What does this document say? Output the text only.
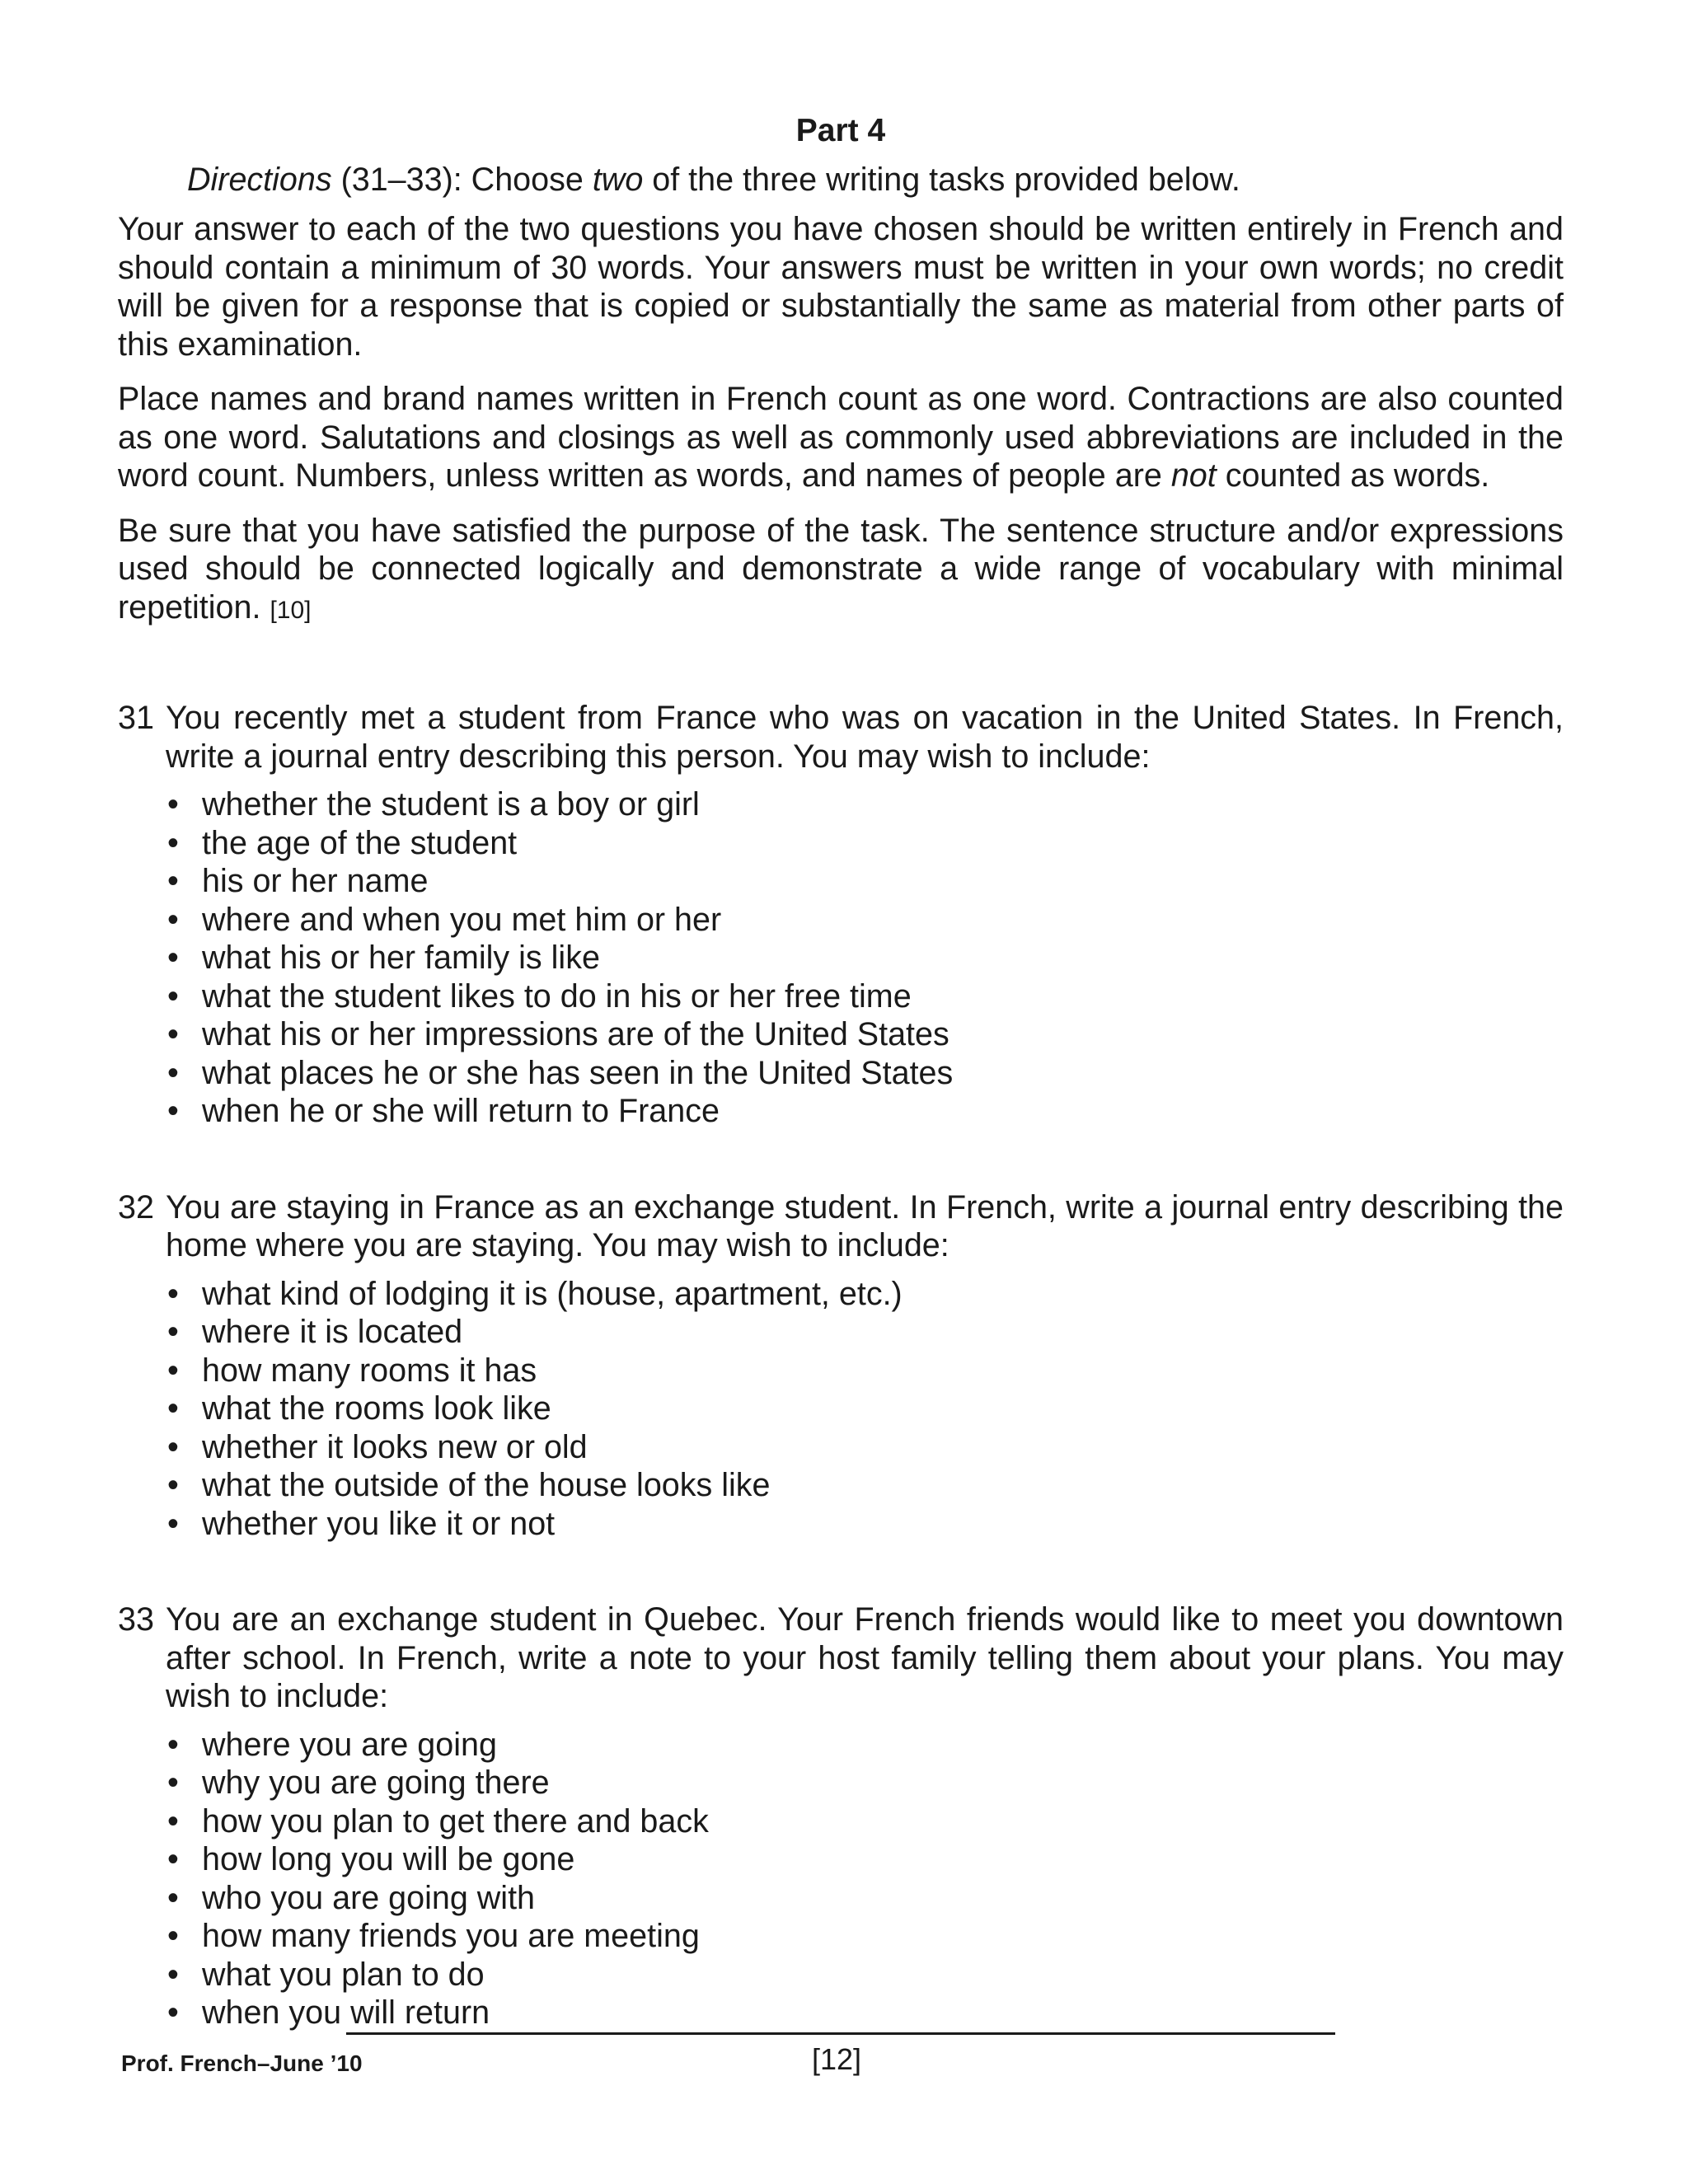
Part 4
Directions (31–33): Choose two of the three writing tasks provided below.

Your answer to each of the two questions you have chosen should be written entirely in French and should contain a minimum of 30 words. Your answers must be written in your own words; no credit will be given for a response that is copied or substantially the same as material from other parts of this examination.

Place names and brand names written in French count as one word. Contractions are also counted as one word. Salutations and closings as well as commonly used abbreviations are included in the word count. Numbers, unless written as words, and names of people are not counted as words.

Be sure that you have satisfied the purpose of the task. The sentence structure and/or expressions used should be connected logically and demonstrate a wide range of vocabulary with minimal repetition. [10]

31 You recently met a student from France who was on vacation in the United States. In French, write a journal entry describing this person. You may wish to include:
• whether the student is a boy or girl
• the age of the student
• his or her name
• where and when you met him or her
• what his or her family is like
• what the student likes to do in his or her free time
• what his or her impressions are of the United States
• what places he or she has seen in the United States
• when he or she will return to France
32 You are staying in France as an exchange student. In French, write a journal entry describing the home where you are staying. You may wish to include:
• what kind of lodging it is (house, apartment, etc.)
• where it is located
• how many rooms it has
• what the rooms look like
• whether it looks new or old
• what the outside of the house looks like
• whether you like it or not
33 You are an exchange student in Quebec. Your French friends would like to meet you downtown after school. In French, write a note to your host family telling them about your plans. You may wish to include:
• where you are going
• why you are going there
• how you plan to get there and back
• how long you will be gone
• who you are going with
• how many friends you are meeting
• what you plan to do
• when you will return
Prof. French–June ’10	[12]
